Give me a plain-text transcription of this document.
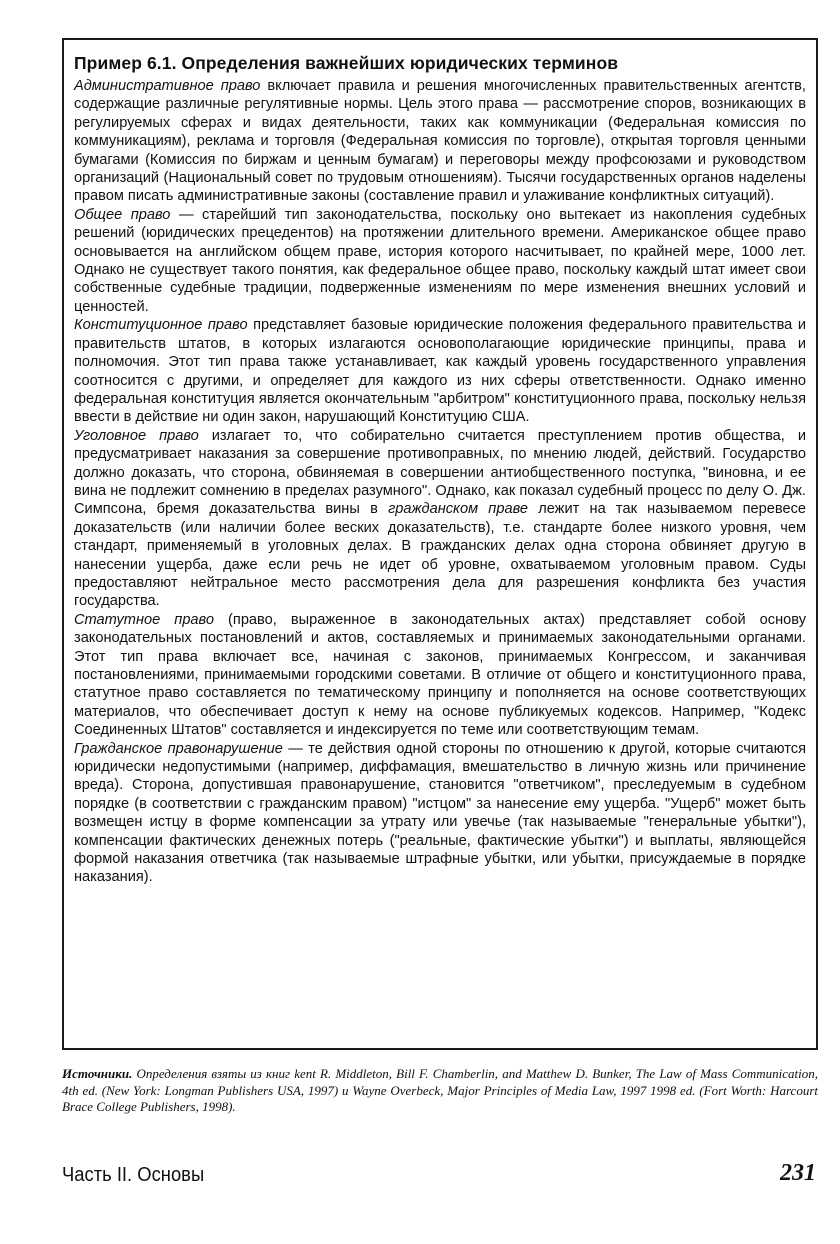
Пример 6.1. Определения важнейших юридических терминов

Административное право включает правила и решения многочисленных правительственных агентств, содержащие различные регулятивные нормы. Цель этого права — рассмотрение споров, возникающих в регулируемых сферах и видах деятельности, таких как коммуникации (Федеральная комиссия по коммуникациям), реклама и торговля (Федеральная комиссия по торговле), открытая торговля ценными бумагами (Комиссия по биржам и ценным бумагам) и переговоры между профсоюзами и руководством организаций (Национальный совет по трудовым отношениям). Тысячи государственных органов наделены правом писать административные законы (составление правил и улаживание конфликтных ситуаций).

Общее право — старейший тип законодательства, поскольку оно вытекает из накопления судебных решений (юридических прецедентов) на протяжении длительного времени. Американское общее право основывается на английском общем праве, история которого насчитывает, по крайней мере, 1000 лет. Однако не существует такого понятия, как федеральное общее право, поскольку каждый штат имеет свои собственные судебные традиции, подверженные изменениям по мере изменения внешних условий и ценностей.

Конституционное право представляет базовые юридические положения федерального правительства и правительств штатов, в которых излагаются основополагающие юридические принципы, права и полномочия. Этот тип права также устанавливает, как каждый уровень государственного управления соотносится с другими, и определяет для каждого из них сферы ответственности. Однако именно федеральная конституция является окончательным "арбитром" конституционного права, поскольку нельзя ввести в действие ни один закон, нарушающий Конституцию США.

Уголовное право излагает то, что собирательно считается преступлением против общества, и предусматривает наказания за совершение противоправных, по мнению людей, действий. Государство должно доказать, что сторона, обвиняемая в совершении антиобщественного поступка, "виновна, и ее вина не подлежит сомнению в пределах разумного". Однако, как показал судебный процесс по делу О. Дж. Симпсона, бремя доказательства вины в гражданском праве лежит на так называемом перевесе доказательств (или наличии более веских доказательств), т.е. стандарте более низкого уровня, чем стандарт, применяемый в уголовных делах. В гражданских делах одна сторона обвиняет другую в нанесении ущерба, даже если речь не идет об уровне, охватываемом уголовным правом. Суды предоставляют нейтральное место рассмотрения дела для разрешения конфликта без участия государства.

Статутное право (право, выраженное в законодательных актах) представляет собой основу законодательных постановлений и актов, составляемых и принимаемых законодательными органами. Этот тип права включает все, начиная с законов, принимаемых Конгрессом, и заканчивая постановлениями, принимаемыми городскими советами. В отличие от общего и конституционного права, статутное право составляется по тематическому принципу и пополняется на основе соответствующих материалов, что обеспечивает доступ к нему на основе публикуемых кодексов. Например, "Кодекс Соединенных Штатов" составляется и индексируется по теме или соответствующим темам.

Гражданское правонарушение — те действия одной стороны по отношению к другой, которые считаются юридически недопустимыми (например, диффамация, вмешательство в личную жизнь или причинение вреда). Сторона, допустившая правонарушение, становится "ответчиком", преследуемым в судебном порядке (в соответствии с гражданским правом) "истцом" за нанесение ему ущерба. "Ущерб" может быть возмещен истцу в форме компенсации за утрату или увечье (так называемые "генеральные убытки"), компенсации фактических денежных потерь ("реальные, фактические убытки") и выплаты, являющейся формой наказания ответчика (так называемые штрафные убытки, или убытки, присуждаемые в порядке наказания).

Источники. Определения взяты из книг kent R. Middleton, Bill F. Chamberlin, and Matthew D. Bunker, The Law of Mass Communication, 4th ed. (New York: Longman Publishers USA, 1997) и Wayne Overbeck, Major Principles of Media Law, 1997 1998 ed. (Fort Worth: Harcourt Brace College Publishers, 1998).
Часть II. Основы	231
